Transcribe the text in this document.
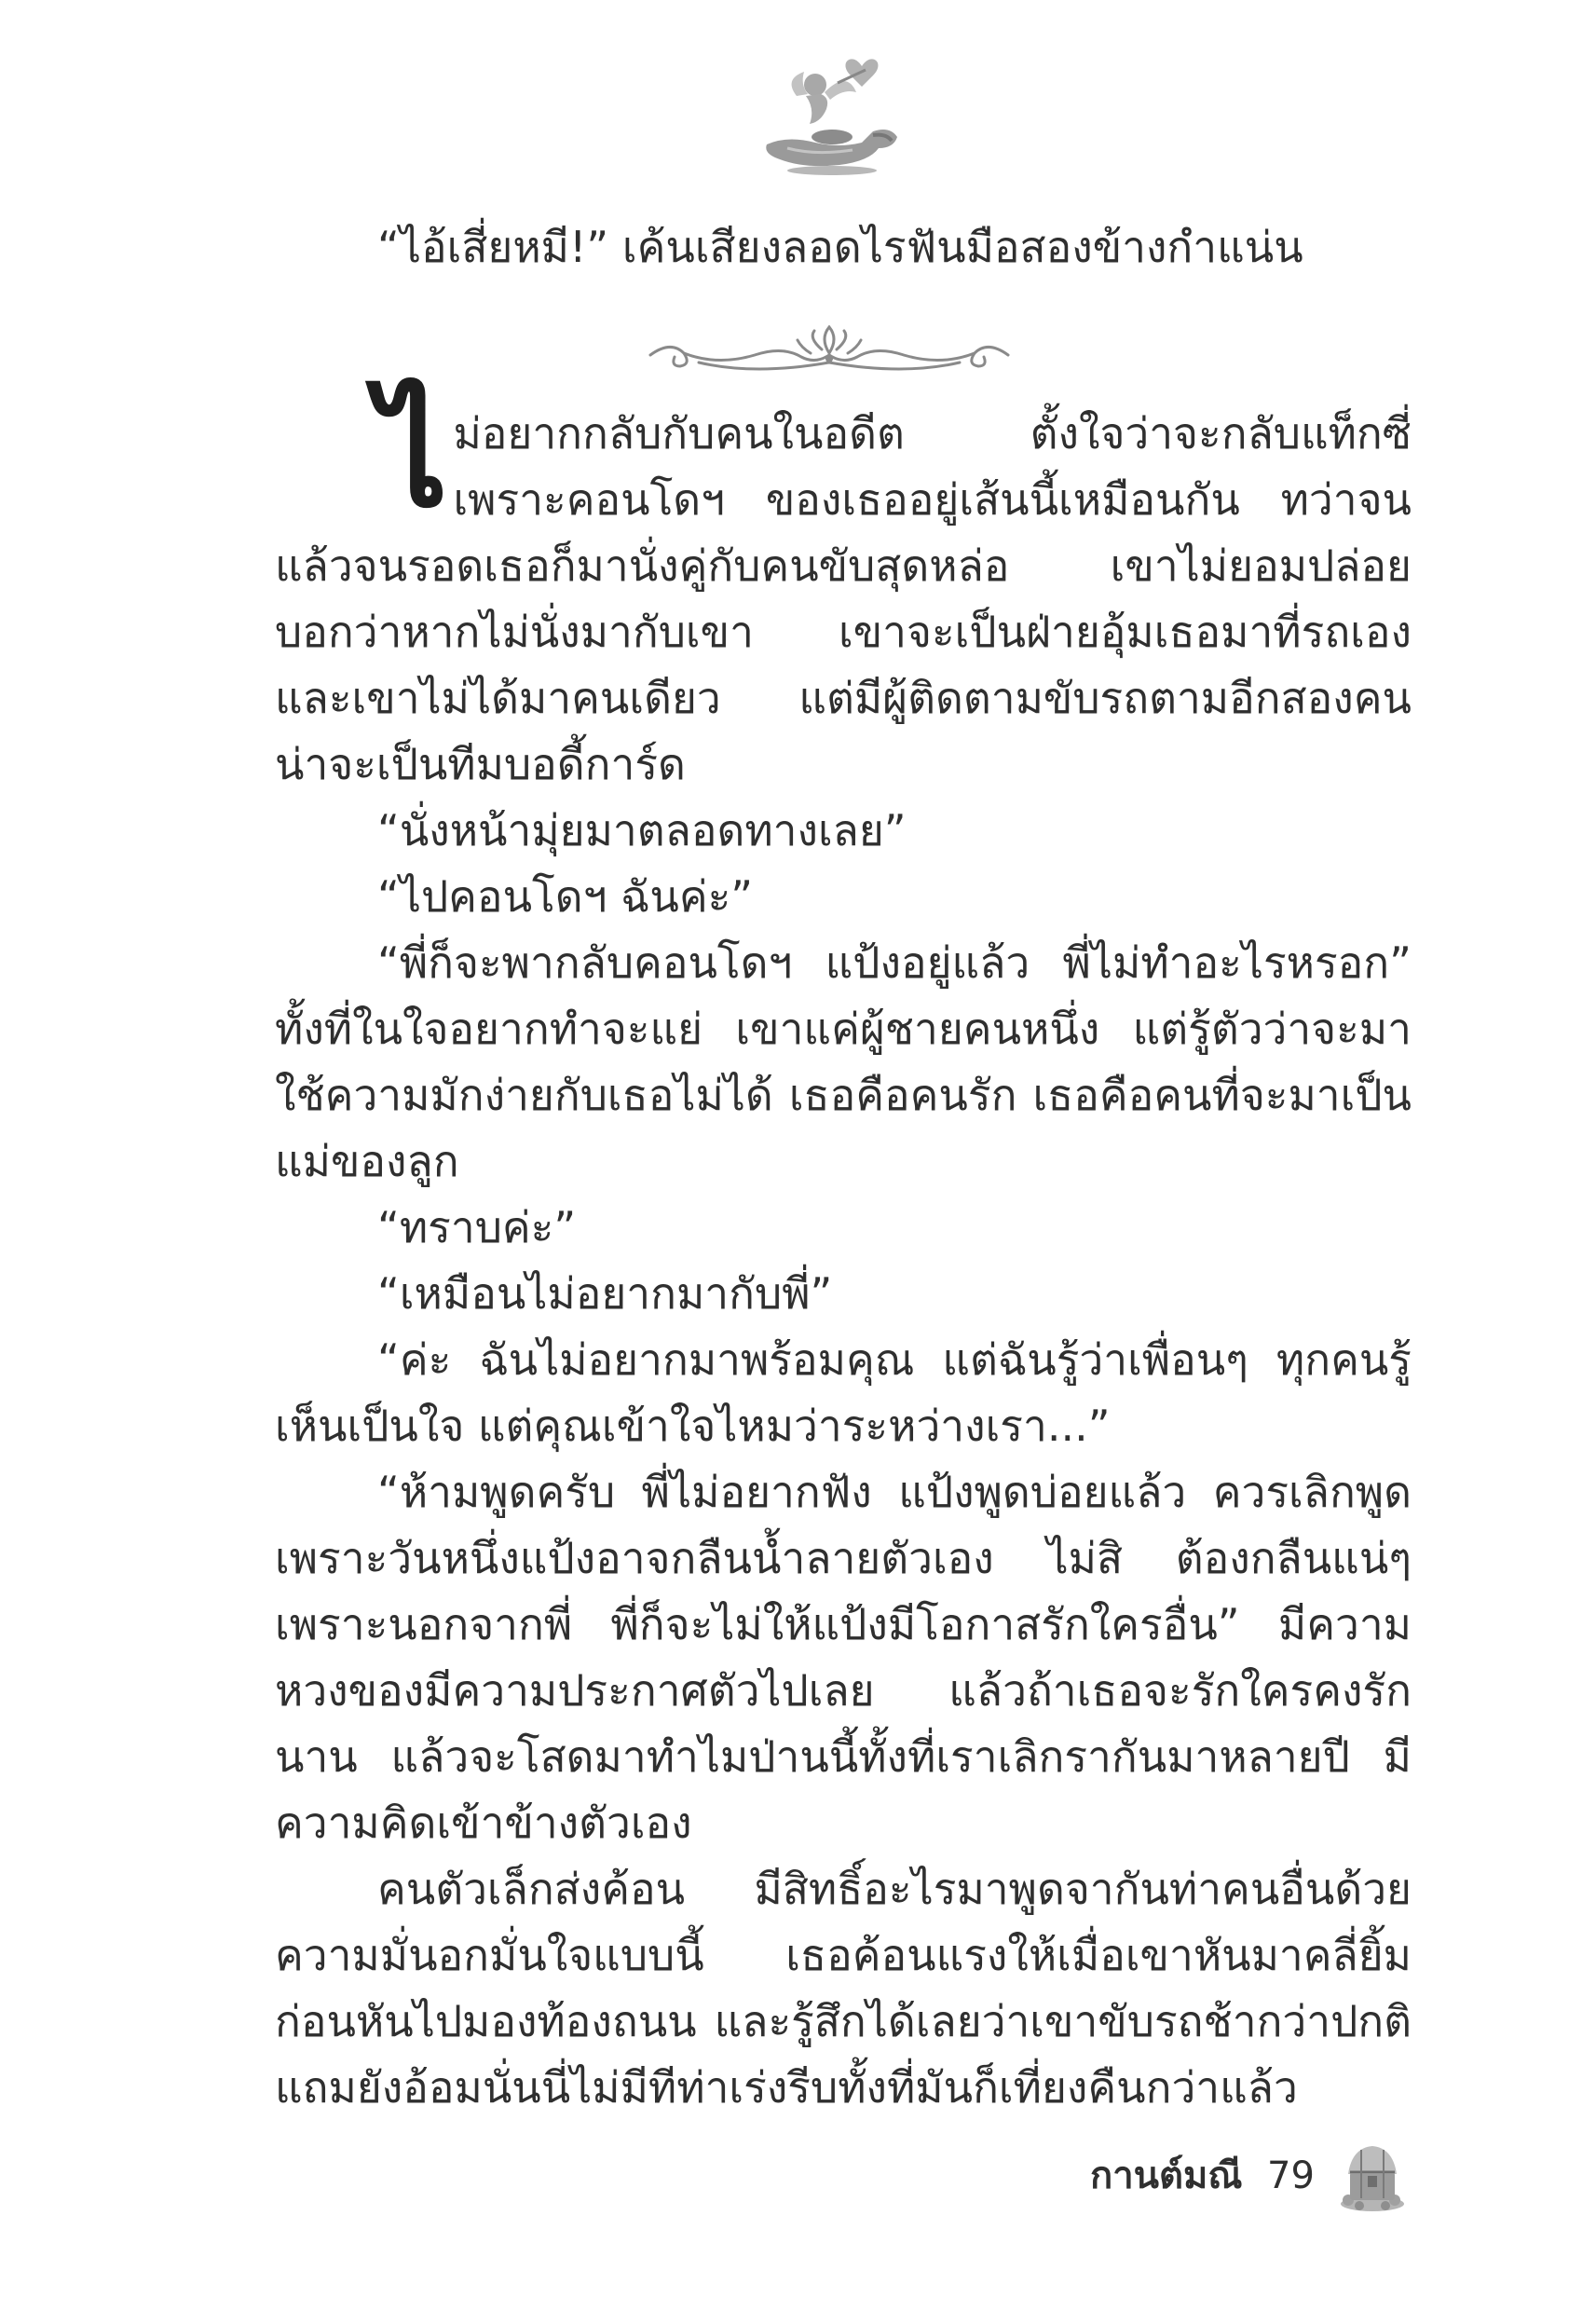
“ไอ้เสี่ยหมี!” เค้นเสียงลอดไรฟันมือสองข้างกำแน่น

ไม่อยากกลับกับคนในอดีต ตั้งใจว่าจะกลับแท็กซี่ เพราะคอนโดฯ ของเธออยู่เส้นนี้เหมือนกัน ทว่าจนแล้วจนรอดเธอก็มานั่งคู่กับคนขับสุดหล่อ เขาไม่ยอมปล่อย บอกว่าหากไม่นั่งมากับเขา เขาจะเป็นฝ่ายอุ้มเธอมาที่รถเอง และเขาไม่ได้มาคนเดียว แต่มีผู้ติดตามขับรถตามอีกสองคน น่าจะเป็นทีมบอดี้การ์ด

“นั่งหน้ามุ่ยมาตลอดทางเลย”

“ไปคอนโดฯ ฉันค่ะ”

“พี่ก็จะพากลับคอนโดฯ แป้งอยู่แล้ว พี่ไม่ทำอะไรหรอก” ทั้งที่ในใจอยากทำจะแย่ เขาแค่ผู้ชายคนหนึ่ง แต่รู้ตัวว่าจะมาใช้ความมักง่ายกับเธอไม่ได้ เธอคือคนรัก เธอคือคนที่จะมาเป็นแม่ของลูก

“ทราบค่ะ”

“เหมือนไม่อยากมากับพี่”

“ค่ะ ฉันไม่อยากมาพร้อมคุณ แต่ฉันรู้ว่าเพื่อนๆ ทุกคนรู้เห็นเป็นใจ แต่คุณเข้าใจไหมว่าระหว่างเรา...”

“ห้ามพูดครับ พี่ไม่อยากฟัง แป้งพูดบ่อยแล้ว ควรเลิกพูดเพราะวันหนึ่งแป้งอาจกลืนน้ำลายตัวเอง ไม่สิ ต้องกลืนแน่ๆ เพราะนอกจากพี่ พี่ก็จะไม่ให้แป้งมีโอกาสรักใครอื่น” มีความหวงของมีความประกาศตัวไปเลย แล้วถ้าเธอจะรักใครคงรักนาน แล้วจะโสดมาทำไมป่านนี้ทั้งที่เราเลิกรากันมาหลายปี มีความคิดเข้าข้างตัวเอง

คนตัวเล็กส่งค้อน มีสิทธิ์อะไรมาพูดจากันท่าคนอื่นด้วยความมั่นอกมั่นใจแบบนี้ เธอค้อนแรงให้เมื่อเขาหันมาคลี่ยิ้มก่อนหันไปมองท้องถนน และรู้สึกได้เลยว่าเขาขับรถช้ากว่าปกติ แถมยังอ้อมนั่นนี่ไม่มีทีท่าเร่งรีบทั้งที่มันก็เที่ยงคืนกว่าแล้ว

กานต์มณี 79
